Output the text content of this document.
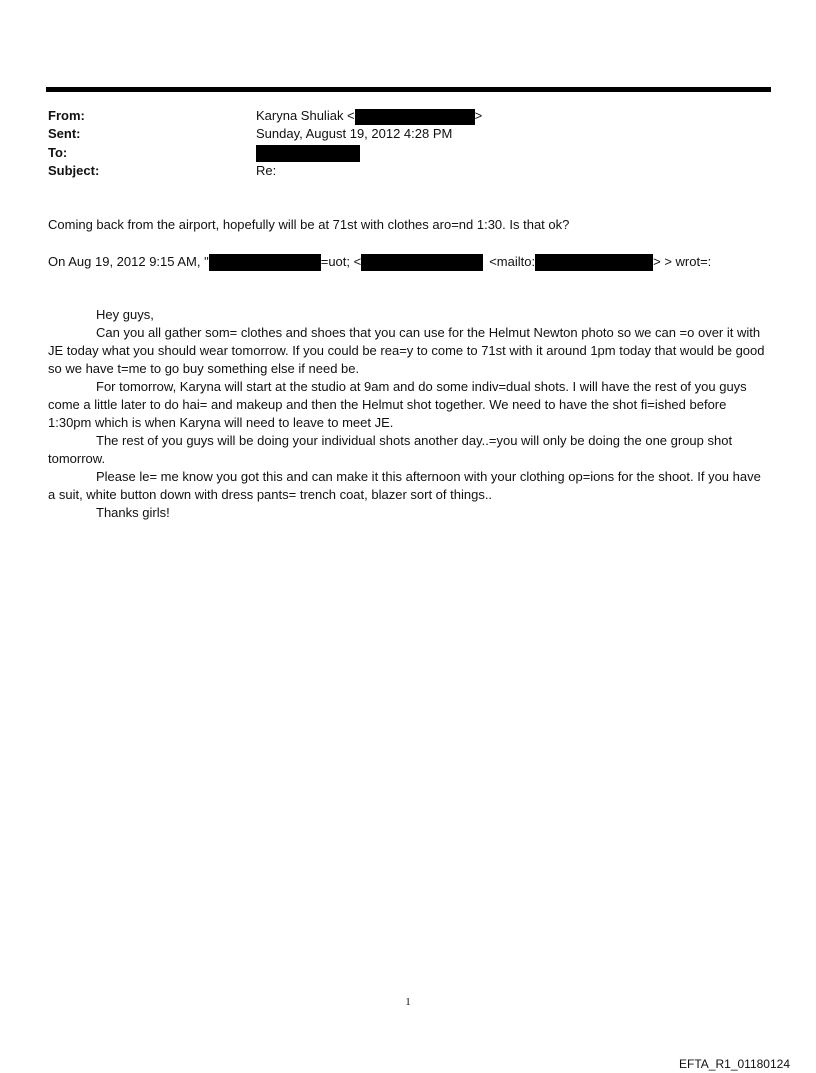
From:	Karyna Shuliak <	>
Sent:	Sunday, August 19, 2012 4:28 PM
To:
Subject:	Re:
Coming back from the airport, hopefully will be at 71st with clothes aro=nd 1:30. Is that ok?
On Aug 19, 2012 9:15 AM, "	=uot; <	<mailto:	> > wrot=:

Hey guys,

Can you all gather som= clothes and shoes that you can use for the Helmut Newton photo so we can =o over it with JE today what you should wear tomorrow. If you could be rea=y to come to 71st with it around 1pm today that would be good so we have t=me to go buy something else if need be.

For tomorrow, Karyna will start at the studio at 9am and do some indiv=dual shots. I will have the rest of you guys come a little later to do hai= and makeup and then the Helmut shot together. We need to have the shot fi=ished before 1:30pm which is when Karyna will need to leave to meet JE.

The rest of you guys will be doing your individual shots another day..=you will only be doing the one group shot tomorrow.

Please le= me know you got this and can make it this afternoon with your clothing op=ions for the shoot. If you have a suit, white button down with dress pants= trench coat, blazer sort of things..

Thanks girls!

1
EFTA_R1_01180124
